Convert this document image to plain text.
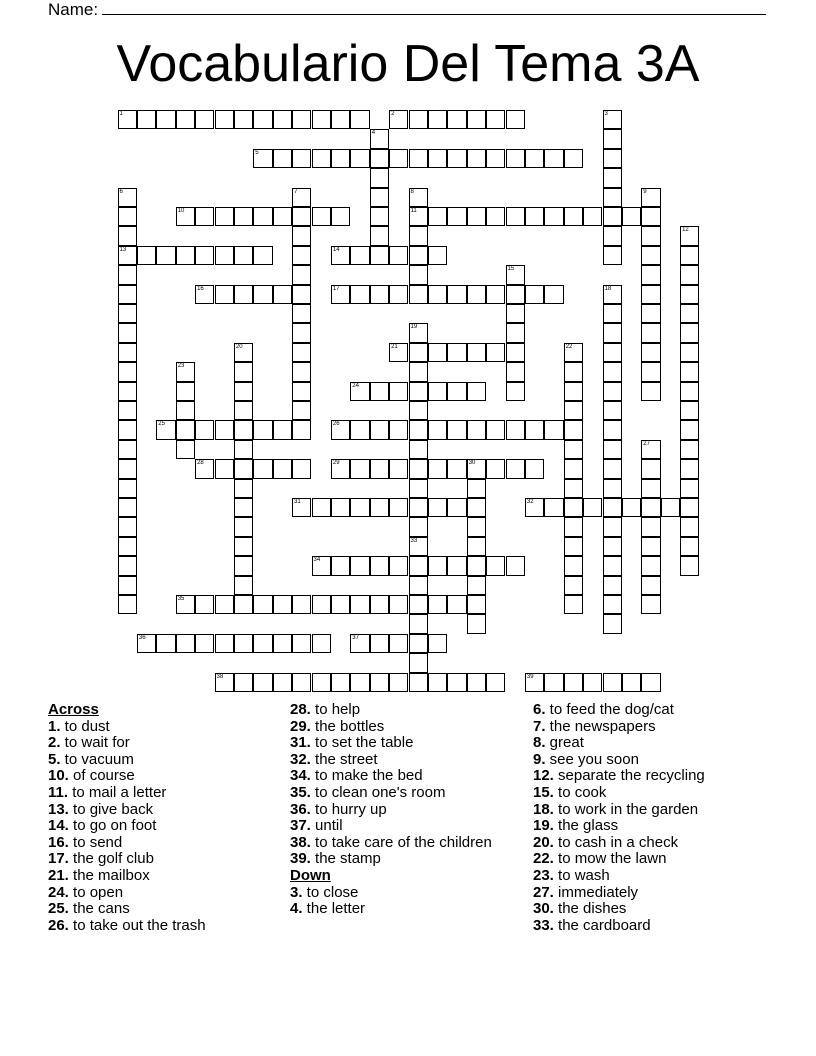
Name:
Vocabulario Del Tema 3A
1	2	3
4
5
6
13
7	8
11
9
10
12
14
15
16	17	18
19
33
20	21	22
23
24
25	26
27
28	29	30
31	32
34
35
36	37
38	39
Across
1. to dust
2. to wait for
5. to vacuum
10. of course
11. to mail a letter
13. to give back
14. to go on foot
16. to send
17. the golf club
21. the mailbox
24. to open
25. the cans
26. to take out the trash
28. to help
29. the bottles
31. to set the table
32. the street
34. to make the bed
35. to clean one's room
36. to hurry up
37. until
38. to take care of the children
39. the stamp
Down
3. to close
4. the letter
6. to feed the dog/cat
7. the newspapers
8. great
9. see you soon
12. separate the recycling
15. to cook
18. to work in the garden
19. the glass
20. to cash in a check
22. to mow the lawn
23. to wash
27. immediately
30. the dishes
33. the cardboard
